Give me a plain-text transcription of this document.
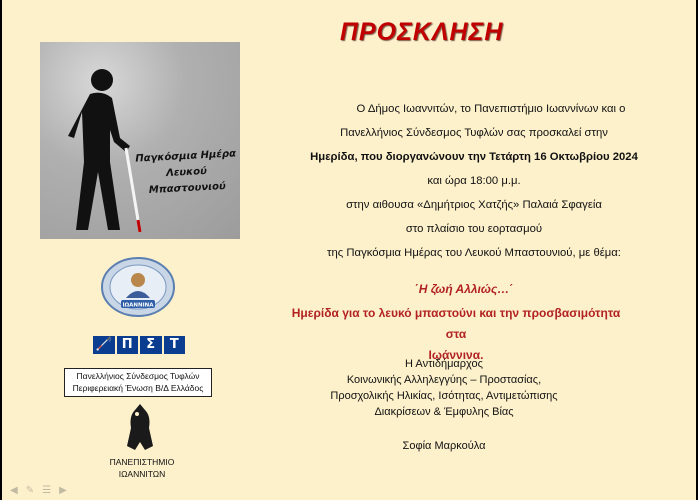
ΠΡΟΣΚΛΗΣΗ
Παγκόσμια Ημέρα
Λευκού Μπαστουνιού
Ο Δήμος Ιωαννιτών, το Πανεπιστήμιο Ιωαννίνων και ο
Πανελλήνιος Σύνδεσμος Τυφλών σας προσκαλεί στην
Ημερίδα, που διοργανώνουν την Τετάρτη 16 Οκτωβρίου 2024
και ώρα 18:00 μ.μ.
στην αιθουσα «Δημήτριος Χατζής» Παλαιά Σφαγεία
στο πλαίσιο του εορτασμού
της Παγκόσμια Ημέρας του Λευκού Μπαστουνιού, με θέμα:
΄Η ζωή Αλλιώς…΄
Ημερίδα για το λευκό μπαστούνι και την προσβασιμότητα στα
Ιωάννινα.
Η Αντιδήμαρχος
Κοινωνικής Αλληλεγγύης – Προστασίας,
Προσχολικής Ηλικίας, Ισότητας, Αντιμετώπισης
Διακρίσεων & Έμφυλης Βίας
Σοφία Μαρκούλα
ΙΩΑΝΝΙΝΑ
🦯 Π	Σ	Τ
Πανελλήνιος Σύνδεσμος Τυφλών
Περιφερειακή Ένωση Β/Δ Ελλάδος
ΠΑΝΕΠΙΣΤΗΜΙΟ
ΙΩΑΝΝΙΤΩΝ
◀ ✎ ☰ ▶
